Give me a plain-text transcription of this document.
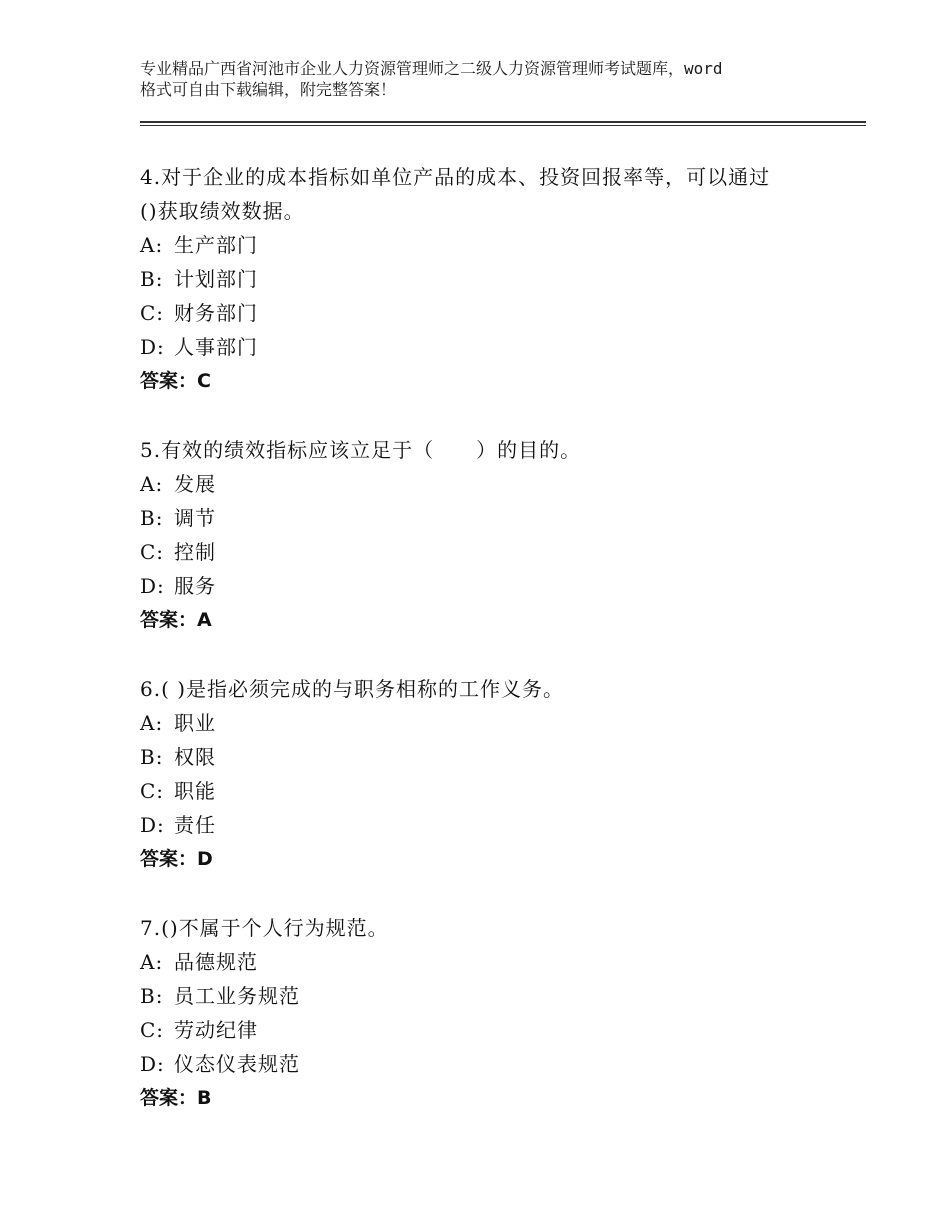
专业精品广西省河池市企业人力资源管理师之二级人力资源管理师考试题库，word
格式可自由下载编辑，附完整答案！
4.对于企业的成本指标如单位产品的成本、投资回报率等，可以通过
()获取绩效数据。
A: 生产部门
B: 计划部门
C: 财务部门
D: 人事部门
答案：C
5.有效的绩效指标应该立足于（　　）的目的。
A: 发展
B: 调节
C: 控制
D: 服务
答案：A
6.( )是指必须完成的与职务相称的工作义务。
A: 职业
B: 权限
C: 职能
D: 责任
答案：D
7.()不属于个人行为规范。
A: 品德规范
B: 员工业务规范
C: 劳动纪律
D: 仪态仪表规范
答案：B
